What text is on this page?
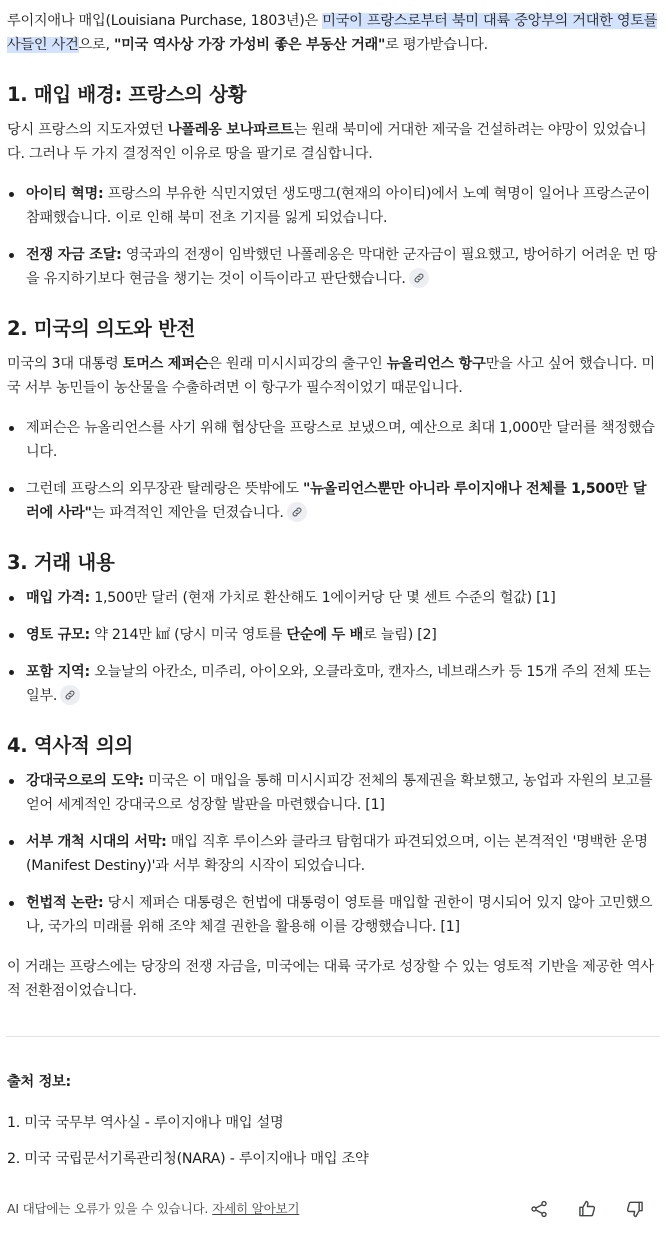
루이지애나 매입(Louisiana Purchase, 1803년)은 미국이 프랑스로부터 북미 대륙 중앙부의 거대한 영토를 사들인 사건으로, "미국 역사상 가장 가성비 좋은 부동산 거래"로 평가받습니다.

1. 매입 배경: 프랑스의 상황

당시 프랑스의 지도자였던 나폴레옹 보나파르트는 원래 북미에 거대한 제국을 건설하려는 야망이 있었습니다. 그러나 두 가지 결정적인 이유로 땅을 팔기로 결심합니다.

아이티 혁명: 프랑스의 부유한 식민지였던 생도맹그(현재의 아이티)에서 노예 혁명이 일어나 프랑스군이 참패했습니다. 이로 인해 북미 전초 기지를 잃게 되었습니다.
전쟁 자금 조달: 영국과의 전쟁이 임박했던 나폴레옹은 막대한 군자금이 필요했고, 방어하기 어려운 먼 땅을 유지하기보다 현금을 챙기는 것이 이득이라고 판단했습니다.
2. 미국의 의도와 반전

미국의 3대 대통령 토머스 제퍼슨은 원래 미시시피강의 출구인 뉴올리언스 항구만을 사고 싶어 했습니다. 미국 서부 농민들이 농산물을 수출하려면 이 항구가 필수적이었기 때문입니다.

제퍼슨은 뉴올리언스를 사기 위해 협상단을 프랑스로 보냈으며, 예산으로 최대 1,000만 달러를 책정했습니다.
그런데 프랑스의 외무장관 탈레랑은 뜻밖에도 "뉴올리언스뿐만 아니라 루이지애나 전체를 1,500만 달러에 사라"는 파격적인 제안을 던졌습니다.
3. 거래 내용
매입 가격: 1,500만 달러 (현재 가치로 환산해도 1에이커당 단 몇 센트 수준의 헐값) [1]
영토 규모: 약 214만 ㎢ (당시 미국 영토를 단순에 두 배로 늘림) [2]
포함 지역: 오늘날의 아칸소, 미주리, 아이오와, 오클라호마, 캔자스, 네브래스카 등 15개 주의 전체 또는 일부.
4. 역사적 의의
강대국으로의 도약: 미국은 이 매입을 통해 미시시피강 전체의 통제권을 확보했고, 농업과 자원의 보고를 얻어 세계적인 강대국으로 성장할 발판을 마련했습니다. [1]
서부 개척 시대의 서막: 매입 직후 루이스와 클라크 탐험대가 파견되었으며, 이는 본격적인 '명백한 운명(Manifest Destiny)'과 서부 확장의 시작이 되었습니다.
헌법적 논란: 당시 제퍼슨 대통령은 헌법에 대통령이 영토를 매입할 권한이 명시되어 있지 않아 고민했으나, 국가의 미래를 위해 조약 체결 권한을 활용해 이를 강행했습니다. [1]

이 거래는 프랑스에는 당장의 전쟁 자금을, 미국에는 대륙 국가로 성장할 수 있는 영토적 기반을 제공한 역사적 전환점이었습니다.

출처 정보:

1. 미국 국무부 역사실 - 루이지애나 매입 설명
2. 미국 국립문서기록관리청(NARA) - 루이지애나 매입 조약
AI 대답에는 오류가 있을 수 있습니다. 자세히 알아보기
